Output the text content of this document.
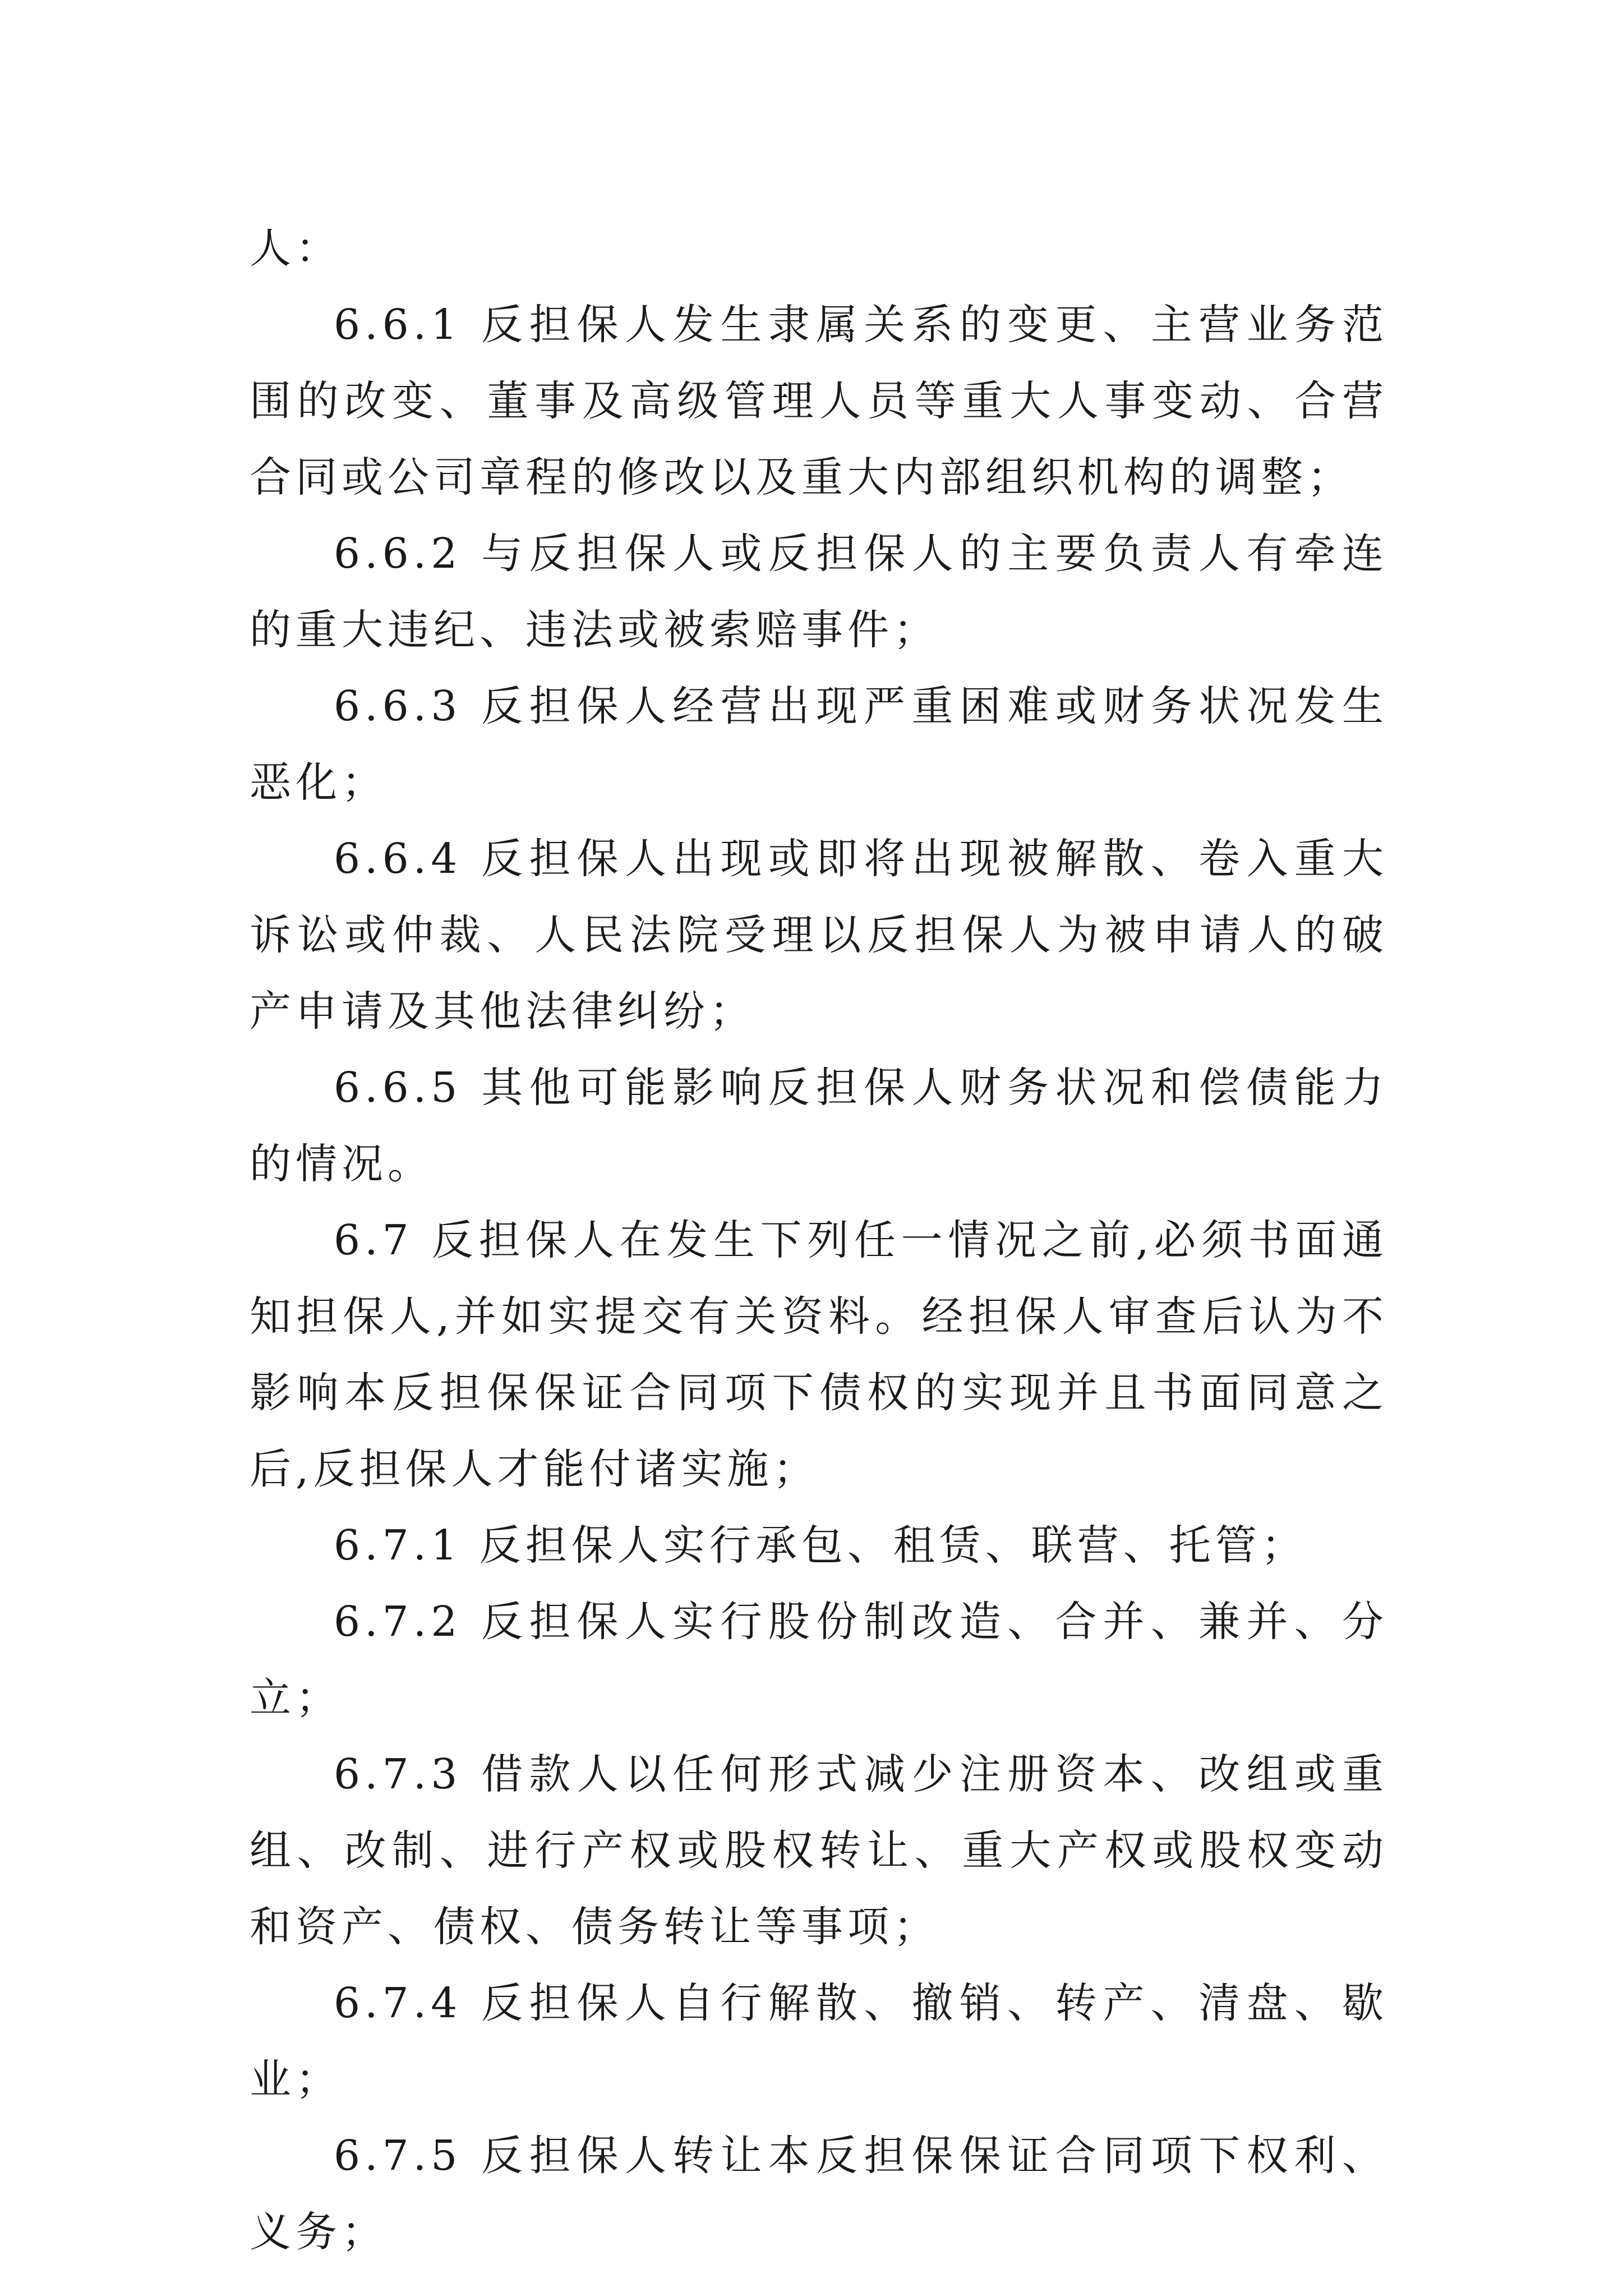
人：

6.6.1 反担保人发生隶属关系的变更、主营业务范围的改变、董事及高级管理人员等重大人事变动、合营合同或公司章程的修改以及重大内部组织机构的调整；

6.6.2 与反担保人或反担保人的主要负责人有牵连的重大违纪、违法或被索赔事件；

6.6.3 反担保人经营出现严重困难或财务状况发生恶化；

6.6.4 反担保人出现或即将出现被解散、卷入重大诉讼或仲裁、人民法院受理以反担保人为被申请人的破产申请及其他法律纠纷；

6.6.5 其他可能影响反担保人财务状况和偿债能力的情况。

6.7 反担保人在发生下列任一情况之前,必须书面通知担保人,并如实提交有关资料。经担保人审查后认为不影响本反担保保证合同项下债权的实现并且书面同意之后,反担保人才能付诸实施；

6.7.1 反担保人实行承包、租赁、联营、托管；

6.7.2 反担保人实行股份制改造、合并、兼并、分立；

6.7.3 借款人以任何形式减少注册资本、改组或重组、改制、进行产权或股权转让、重大产权或股权变动和资产、债权、债务转让等事项；

6.7.4 反担保人自行解散、撤销、转产、清盘、歇业；

6.7.5 反担保人转让本反担保保证合同项下权利、义务；
